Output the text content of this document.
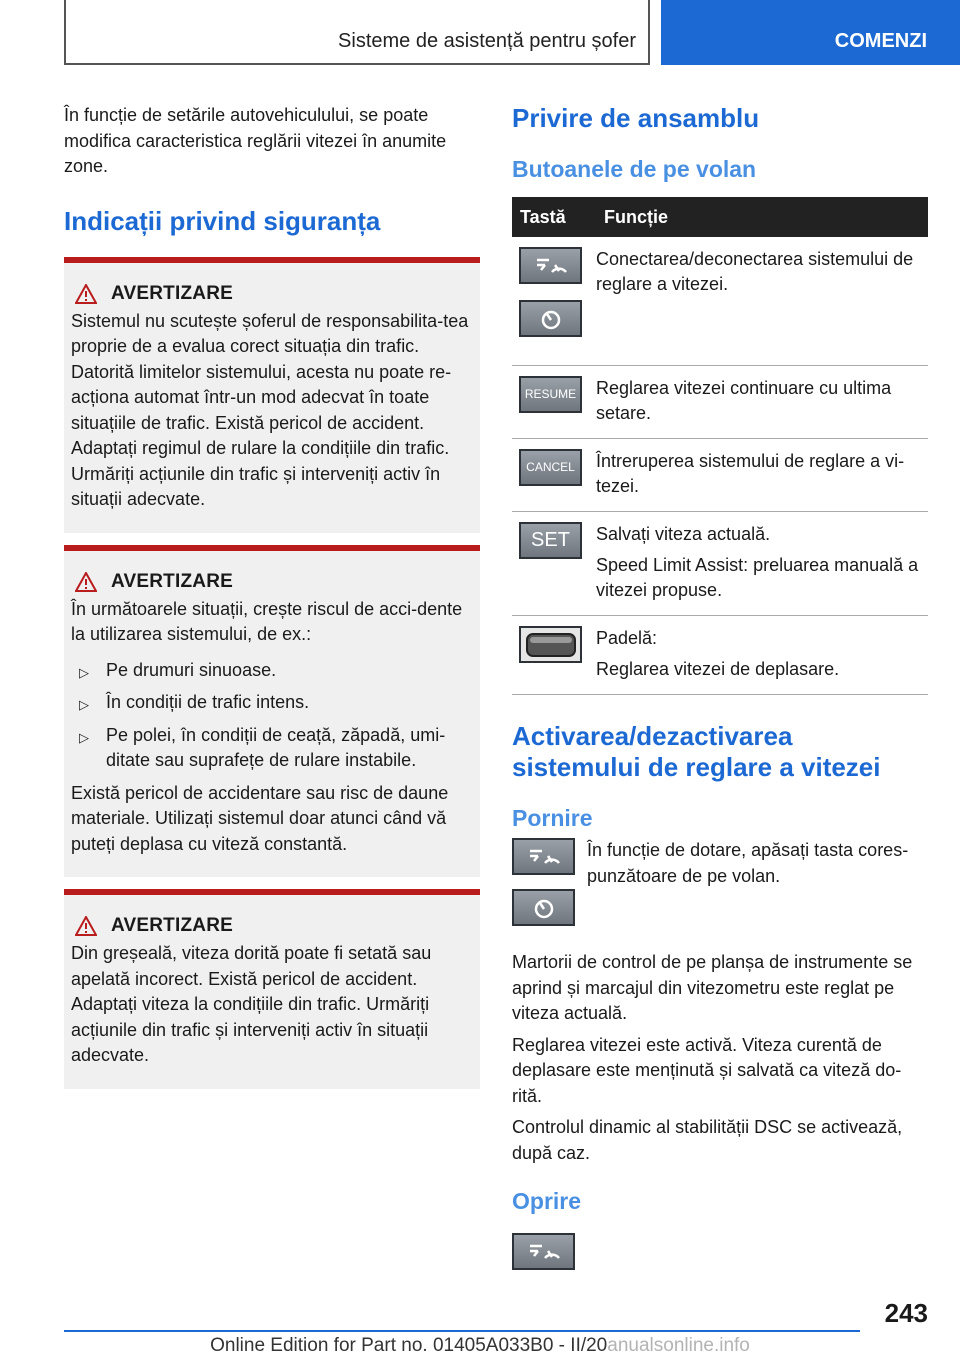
Sisteme de asistență pentru șofer	COMENZI

În funcție de setările autovehiculului, se poate modifica caracteristica reglării vitezei în anumite zone.

Indicații privind siguranța
AVERTIZARE

Sistemul nu scutește șoferul de responsabilita-tea proprie de a evalua corect situația din trafic. Datorită limitelor sistemului, acesta nu poate re-acționa automat într-un mod adecvat în toate situațiile de trafic. Există pericol de accident. Adaptați regimul de rulare la condițiile din trafic. Urmăriți acțiunile din trafic și interveniți activ în situații adecvate.

AVERTIZARE

În următoarele situații, crește riscul de acci-dente la utilizarea sistemului, de ex.:

▷ Pe drumuri sinuoase.
▷ În condiții de trafic intens.
▷ Pe polei, în condiții de ceață, zăpadă, umi-ditate sau suprafețe de rulare instabile.

Există pericol de accidentare sau risc de daune materiale. Utilizați sistemul doar atunci când vă puteți deplasa cu viteză constantă.

AVERTIZARE

Din greșeală, viteza dorită poate fi setată sau apelată incorect. Există pericol de accident. Adaptați viteza la condițiile din trafic. Urmăriți acțiunile din trafic și interveniți activ în situații adecvate.

Privire de ansamblu
Butoanele de pe volan
Tastă	Funcție

Conectarea/deconectarea sistemului de reglare a vitezei.

RESUME	Reglarea vitezei continuare cu ultima setare.

CANCEL	Întreruperea sistemului de reglare a vi-tezei.

SET	Salvați viteza actuală.
Speed Limit Assist: preluarea manuală a vitezei propuse.

Padelă:
Reglarea vitezei de deplasare.
Activarea/dezactivarea sistemului de reglare a vitezei
Pornire

În funcție de dotare, apăsați tasta cores-punzătoare de pe volan.

Martorii de control de pe planșa de instrumente se aprind și marcajul din vitezometru este reglat pe viteza actuală.

Reglarea vitezei este activă. Viteza curentă de deplasare este menținută și salvată ca viteză do-rită.

Controlul dinamic al stabilității DSC se activează, după caz.

Oprire
243
Online Edition for Part no. 01405A033B0 - II/20anualsonline.info
